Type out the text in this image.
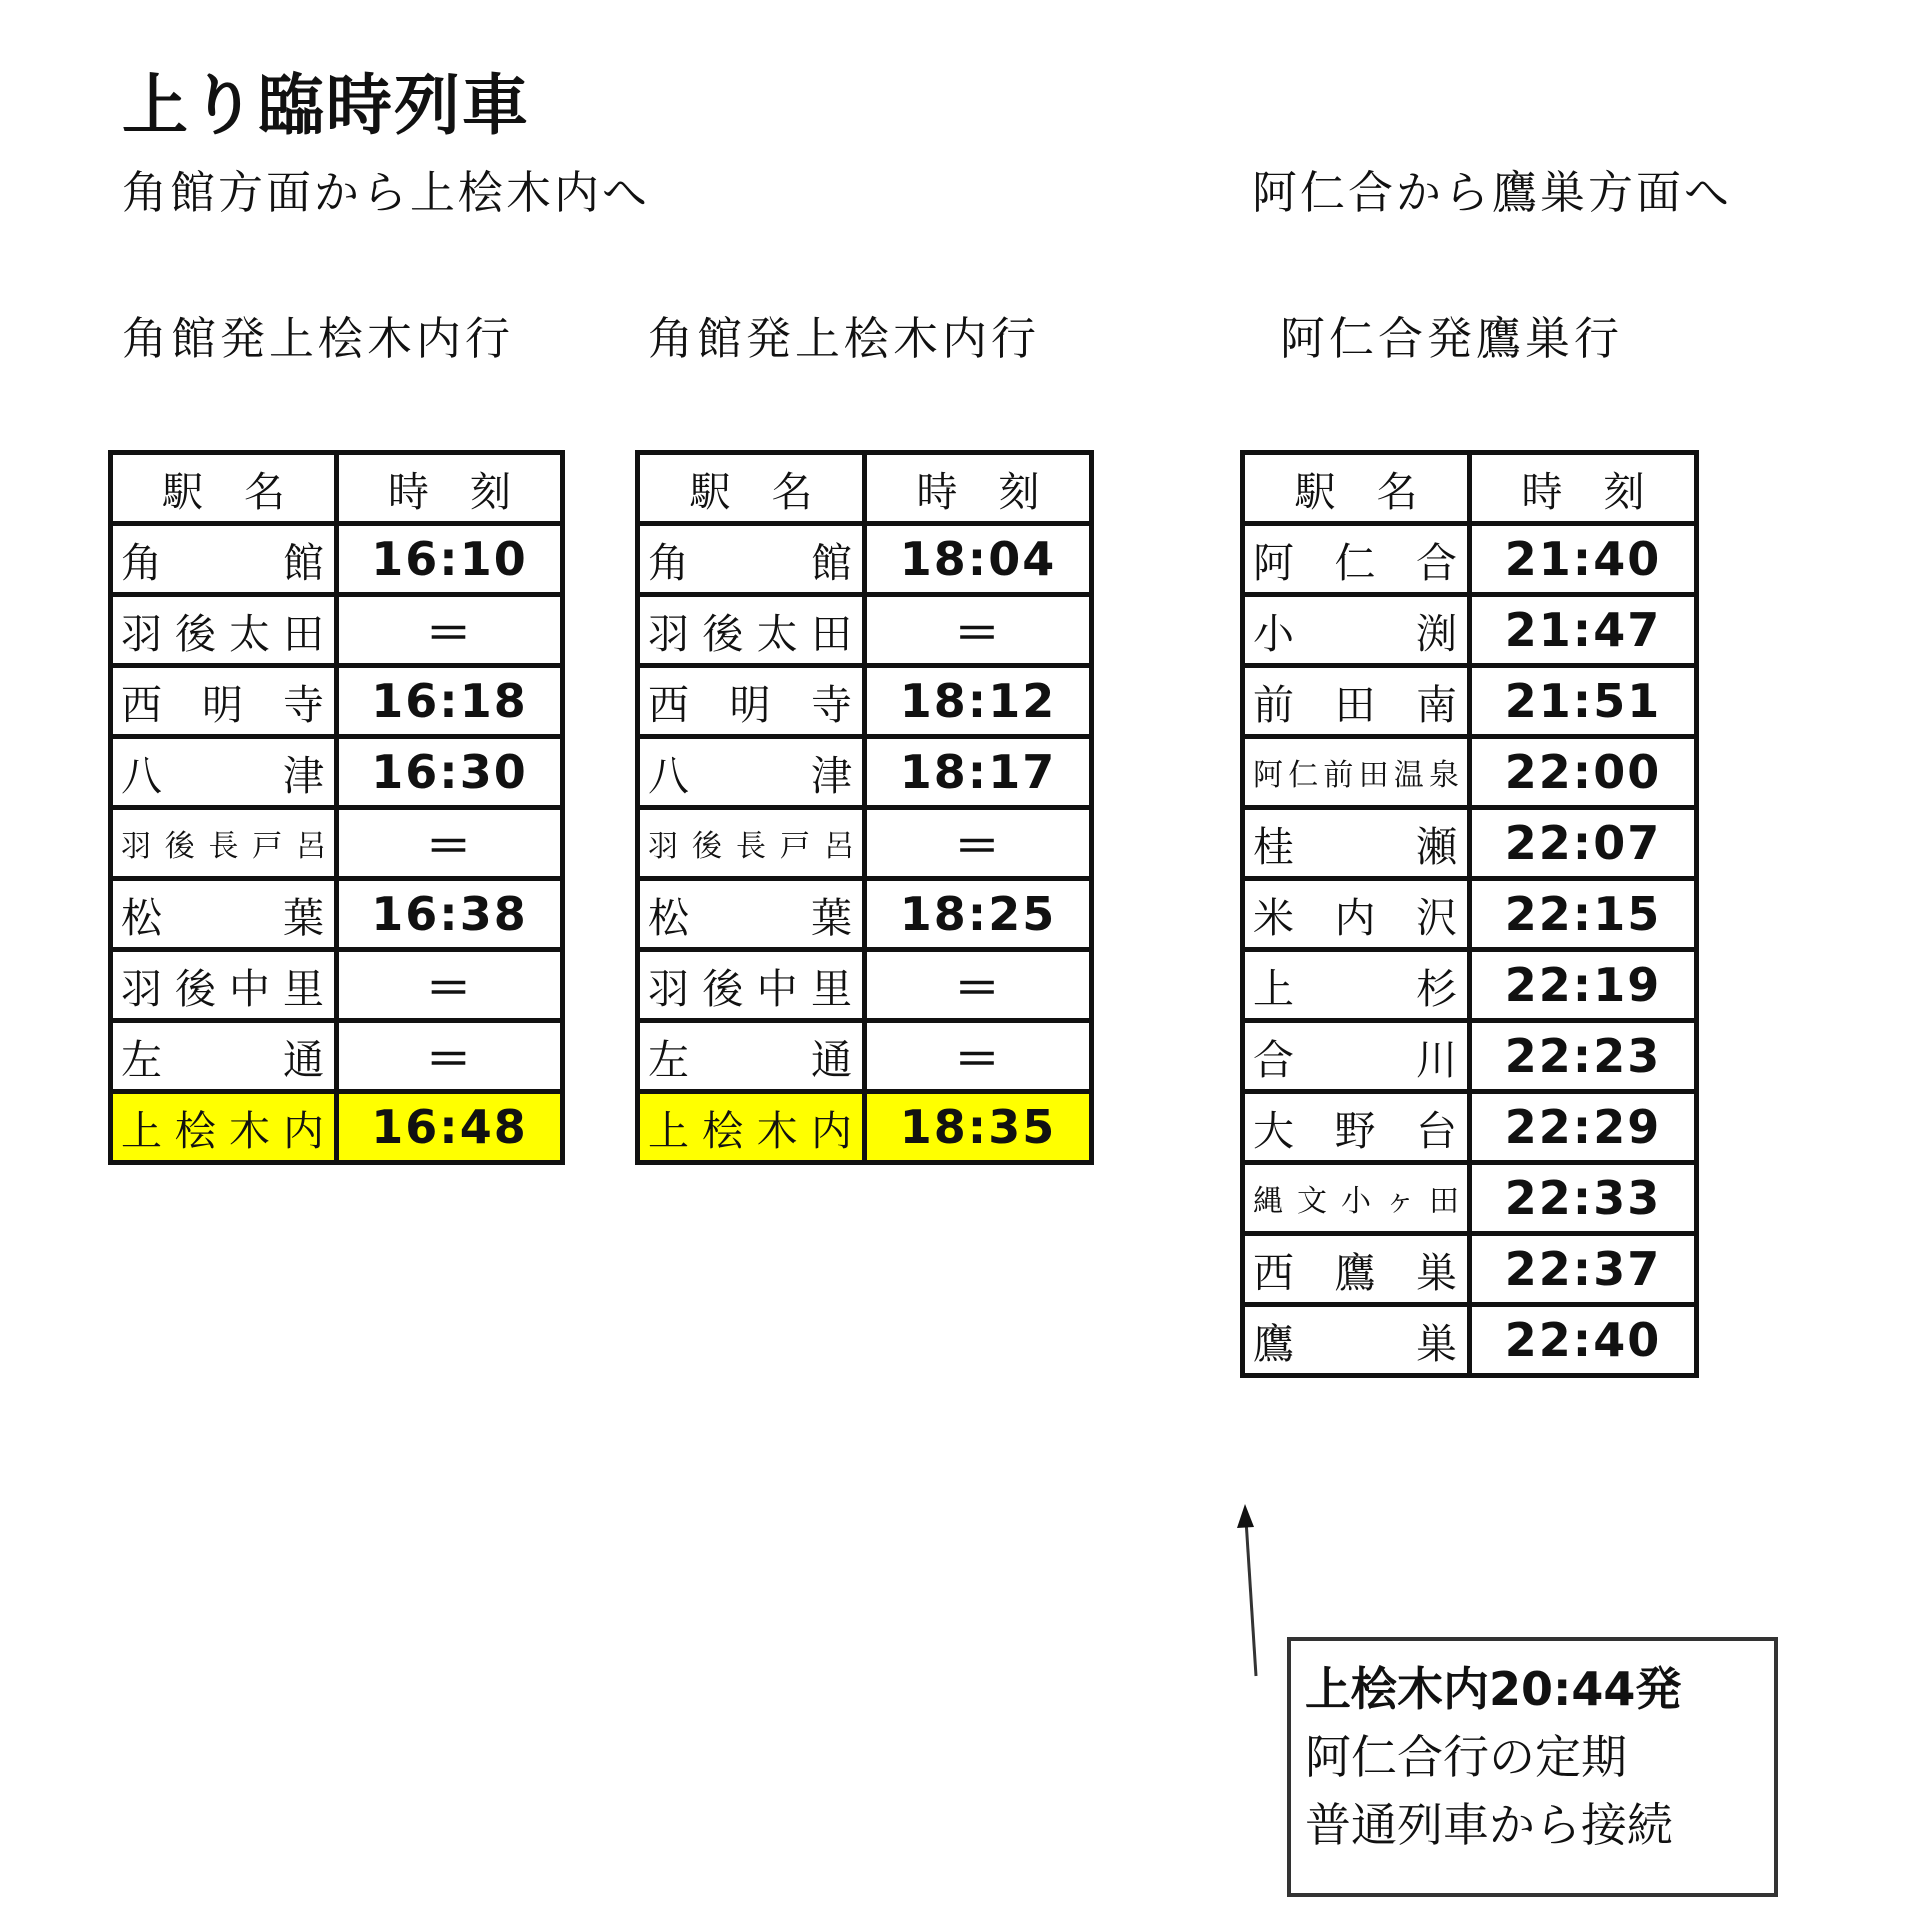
上り臨時列車

角館方面から上桧木内へ	阿仁合から鷹巣方面へ

角館発上桧木内行	角館発上桧木内行	阿仁合発鷹巣行

駅　名	時　刻
角館	16:10
羽後太田	＝
西明寺	16:18
八津	16:30
羽後長戸呂	＝
松葉	16:38
羽後中里	＝
左通	＝
上桧木内	16:48
駅　名	時　刻
角館	18:04
羽後太田	＝
西明寺	18:12
八津	18:17
羽後長戸呂	＝
松葉	18:25
羽後中里	＝
左通	＝
上桧木内	18:35
駅　名	時　刻
阿仁合	21:40
小渕	21:47
前田南	21:51
阿仁前田温泉	22:00
桂瀬	22:07
米内沢	22:15
上杉	22:19
合川	22:23
大野台	22:29
縄文小ヶ田	22:33
西鷹巣	22:37
鷹巣	22:40
上桧木内20:44発
阿仁合行の定期
普通列車から接続
